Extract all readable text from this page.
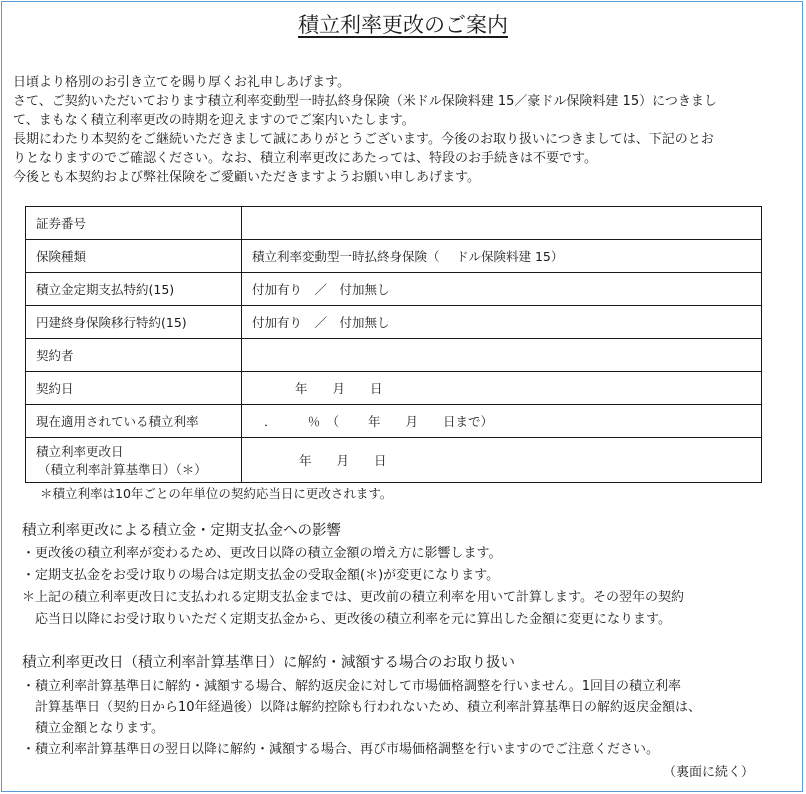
積立利率更改のご案内
日頃より格別のお引き立てを賜り厚くお礼申しあげます。
さて、ご契約いただいております積立利率変動型一時払終身保険（米ドル保険料建 15／豪ドル保険料建 15）につきまし
て、まもなく積立利率更改の時期を迎えますのでご案内いたします。
長期にわたり本契約をご継続いただきまして誠にありがとうございます。今後のお取り扱いにつきましては、下記のとお
りとなりますのでご確認ください。なお、積立利率更改にあたっては、特段のお手続きは不要です。
今後とも本契約および弊社保険をご愛顧いただきますようお願い申しあげます。
証券番号	
保険種類	積立利率変動型一時払終身保険（　 ドル保険料建 15）
積立金定期支払特約(15)	付加有り　／　付加無し
円建終身保険移行特約(15)	付加有り　／　付加無し
契約者	
契約日	　　年　　月　　日
現在適用されている積立利率	．　　　％　（　　 年　　月　　日まで）
積立利率更改日
（積立利率計算基準日）（＊）	　　年　　月　　日
＊積立利率は10年ごとの年単位の契約応当日に更改されます。
積立利率更改による積立金・定期支払金への影響
・更改後の積立利率が変わるため、更改日以降の積立金額の増え方に影響します。
・定期支払金をお受け取りの場合は定期支払金の受取金額(＊)が変更になります。
＊上記の積立利率更改日に支払われる定期支払金までは、更改前の積立利率を用いて計算します。その翌年の契約
　応当日以降にお受け取りいただく定期支払金から、更改後の積立利率を元に算出した金額に変更になります。
積立利率更改日（積立利率計算基準日）に解約・減額する場合のお取り扱い
・積立利率計算基準日に解約・減額する場合、解約返戻金に対して市場価格調整を行いません。1回目の積立利率
　計算基準日（契約日から10年経過後）以降は解約控除も行われないため、積立利率計算基準日の解約返戻金額は、
　積立金額となります。
・積立利率計算基準日の翌日以降に解約・減額する場合、再び市場価格調整を行いますのでご注意ください。
（裏面に続く）
